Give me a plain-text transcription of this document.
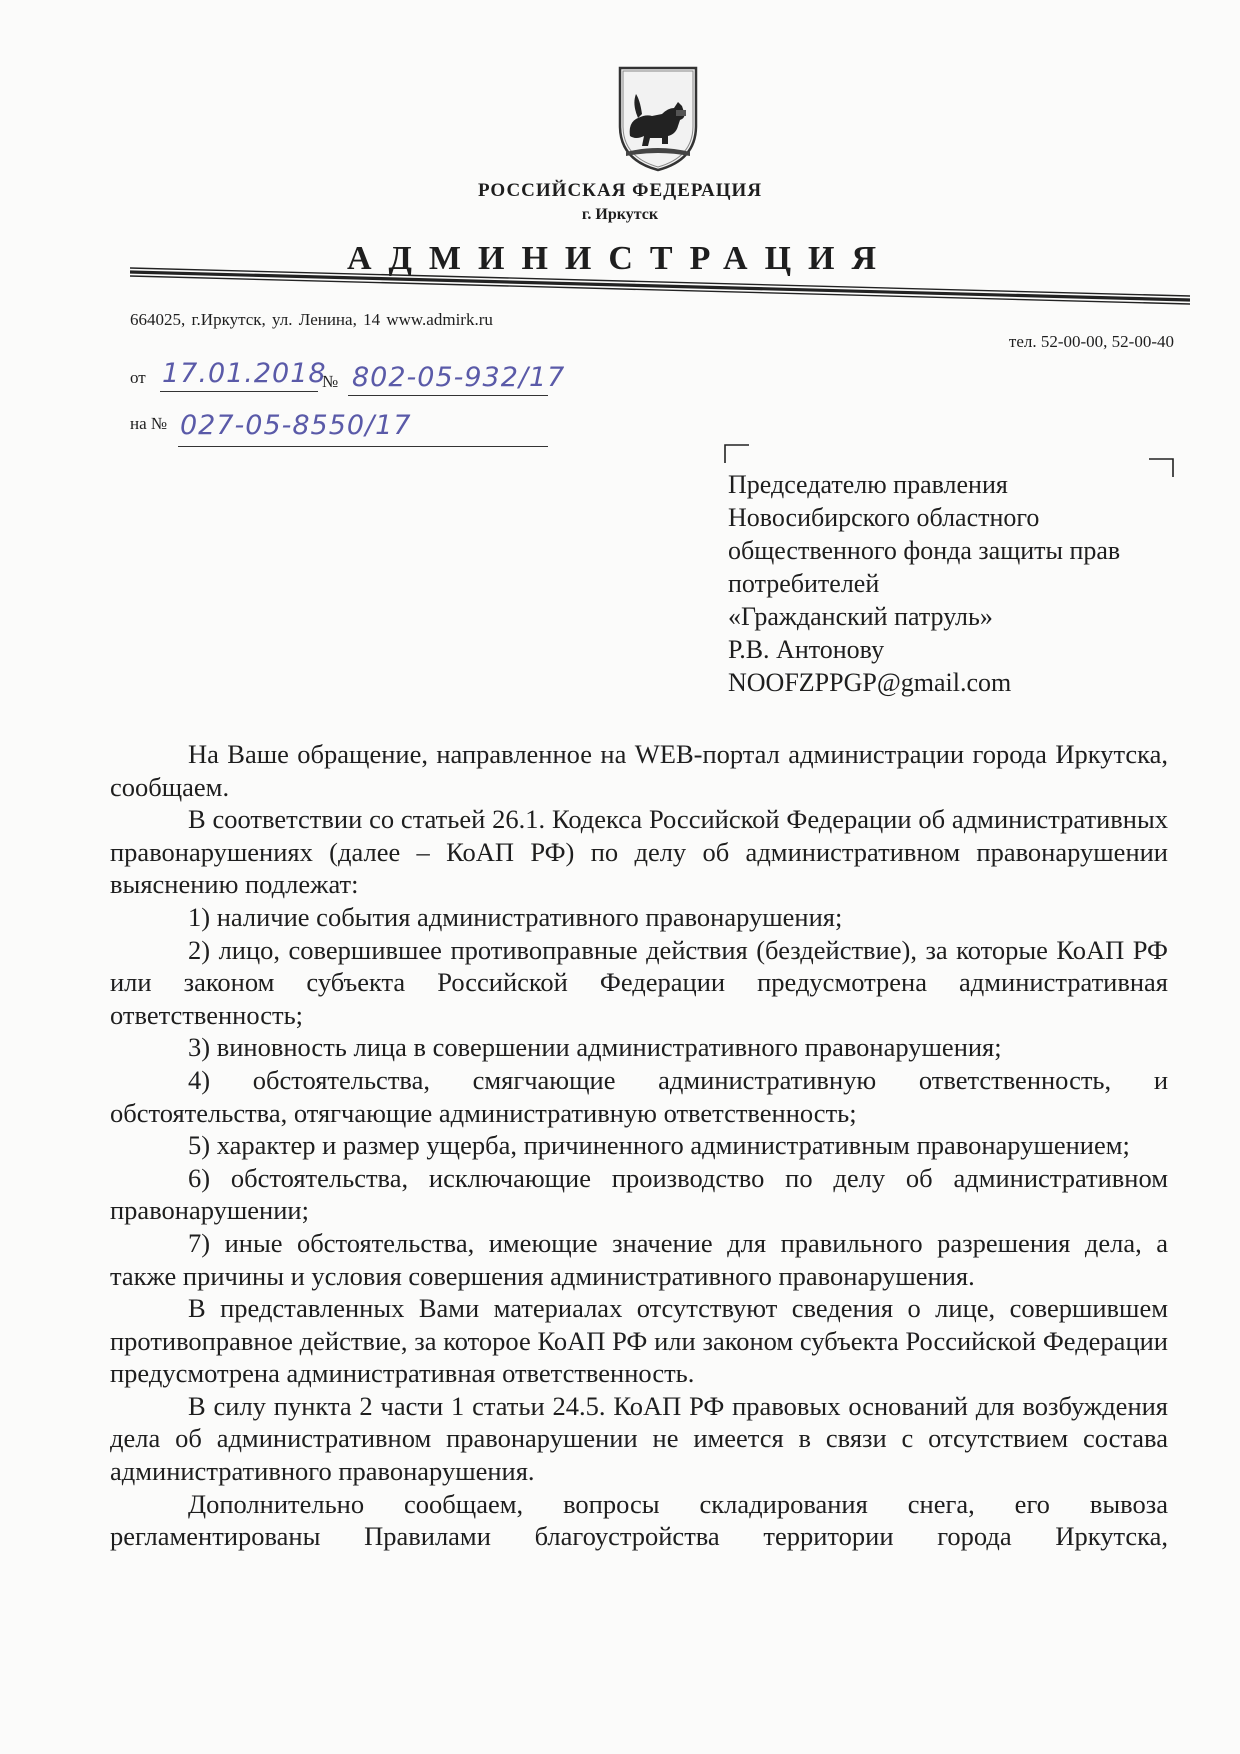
РОССИЙСКАЯ ФЕДЕРАЦИЯ
г. Иркутск
АДМИНИСТРАЦИЯ
664025, г.Иркутск, ул. Ленина, 14 www.admirk.ru
тел. 52-00-00, 52-00-40
от 17.01.2018
№ 802-05-932/17
на № 027-05-8550/17
Председателю правления
Новосибирского областного
общественного фонда защиты прав
потребителей
«Гражданский патруль»
Р.В. Антонову
NOOFZPPGP@gmail.com

На Ваше обращение, направленное на WEB-портал администрации города Иркутска, сообщаем.

В соответствии со статьей 26.1. Кодекса Российской Федерации об административных правонарушениях (далее – КоАП РФ) по делу об административном правонарушении выяснению подлежат:

1) наличие события административного правонарушения;

2) лицо, совершившее противоправные действия (бездействие), за которые КоАП РФ или законом субъекта Российской Федерации предусмотрена административная ответственность;

3) виновность лица в совершении административного правонарушения;

4) обстоятельства, смягчающие административную ответственность, и обстоятельства, отягчающие административную ответственность;

5) характер и размер ущерба, причиненного административным правонарушением;

6) обстоятельства, исключающие производство по делу об административном правонарушении;

7) иные обстоятельства, имеющие значение для правильного разрешения дела, а также причины и условия совершения административного правонарушения.

В представленных Вами материалах отсутствуют сведения о лице, совершившем противоправное действие, за которое КоАП РФ или законом субъекта Российской Федерации предусмотрена административная ответственность.

В силу пункта 2 части 1 статьи 24.5. КоАП РФ правовых оснований для возбуждения дела об административном правонарушении не имеется в связи с отсутствием состава административного правонарушения.

Дополнительно сообщаем, вопросы складирования снега, его вывоза регламентированы Правилами благоустройства территории города Иркутска,
